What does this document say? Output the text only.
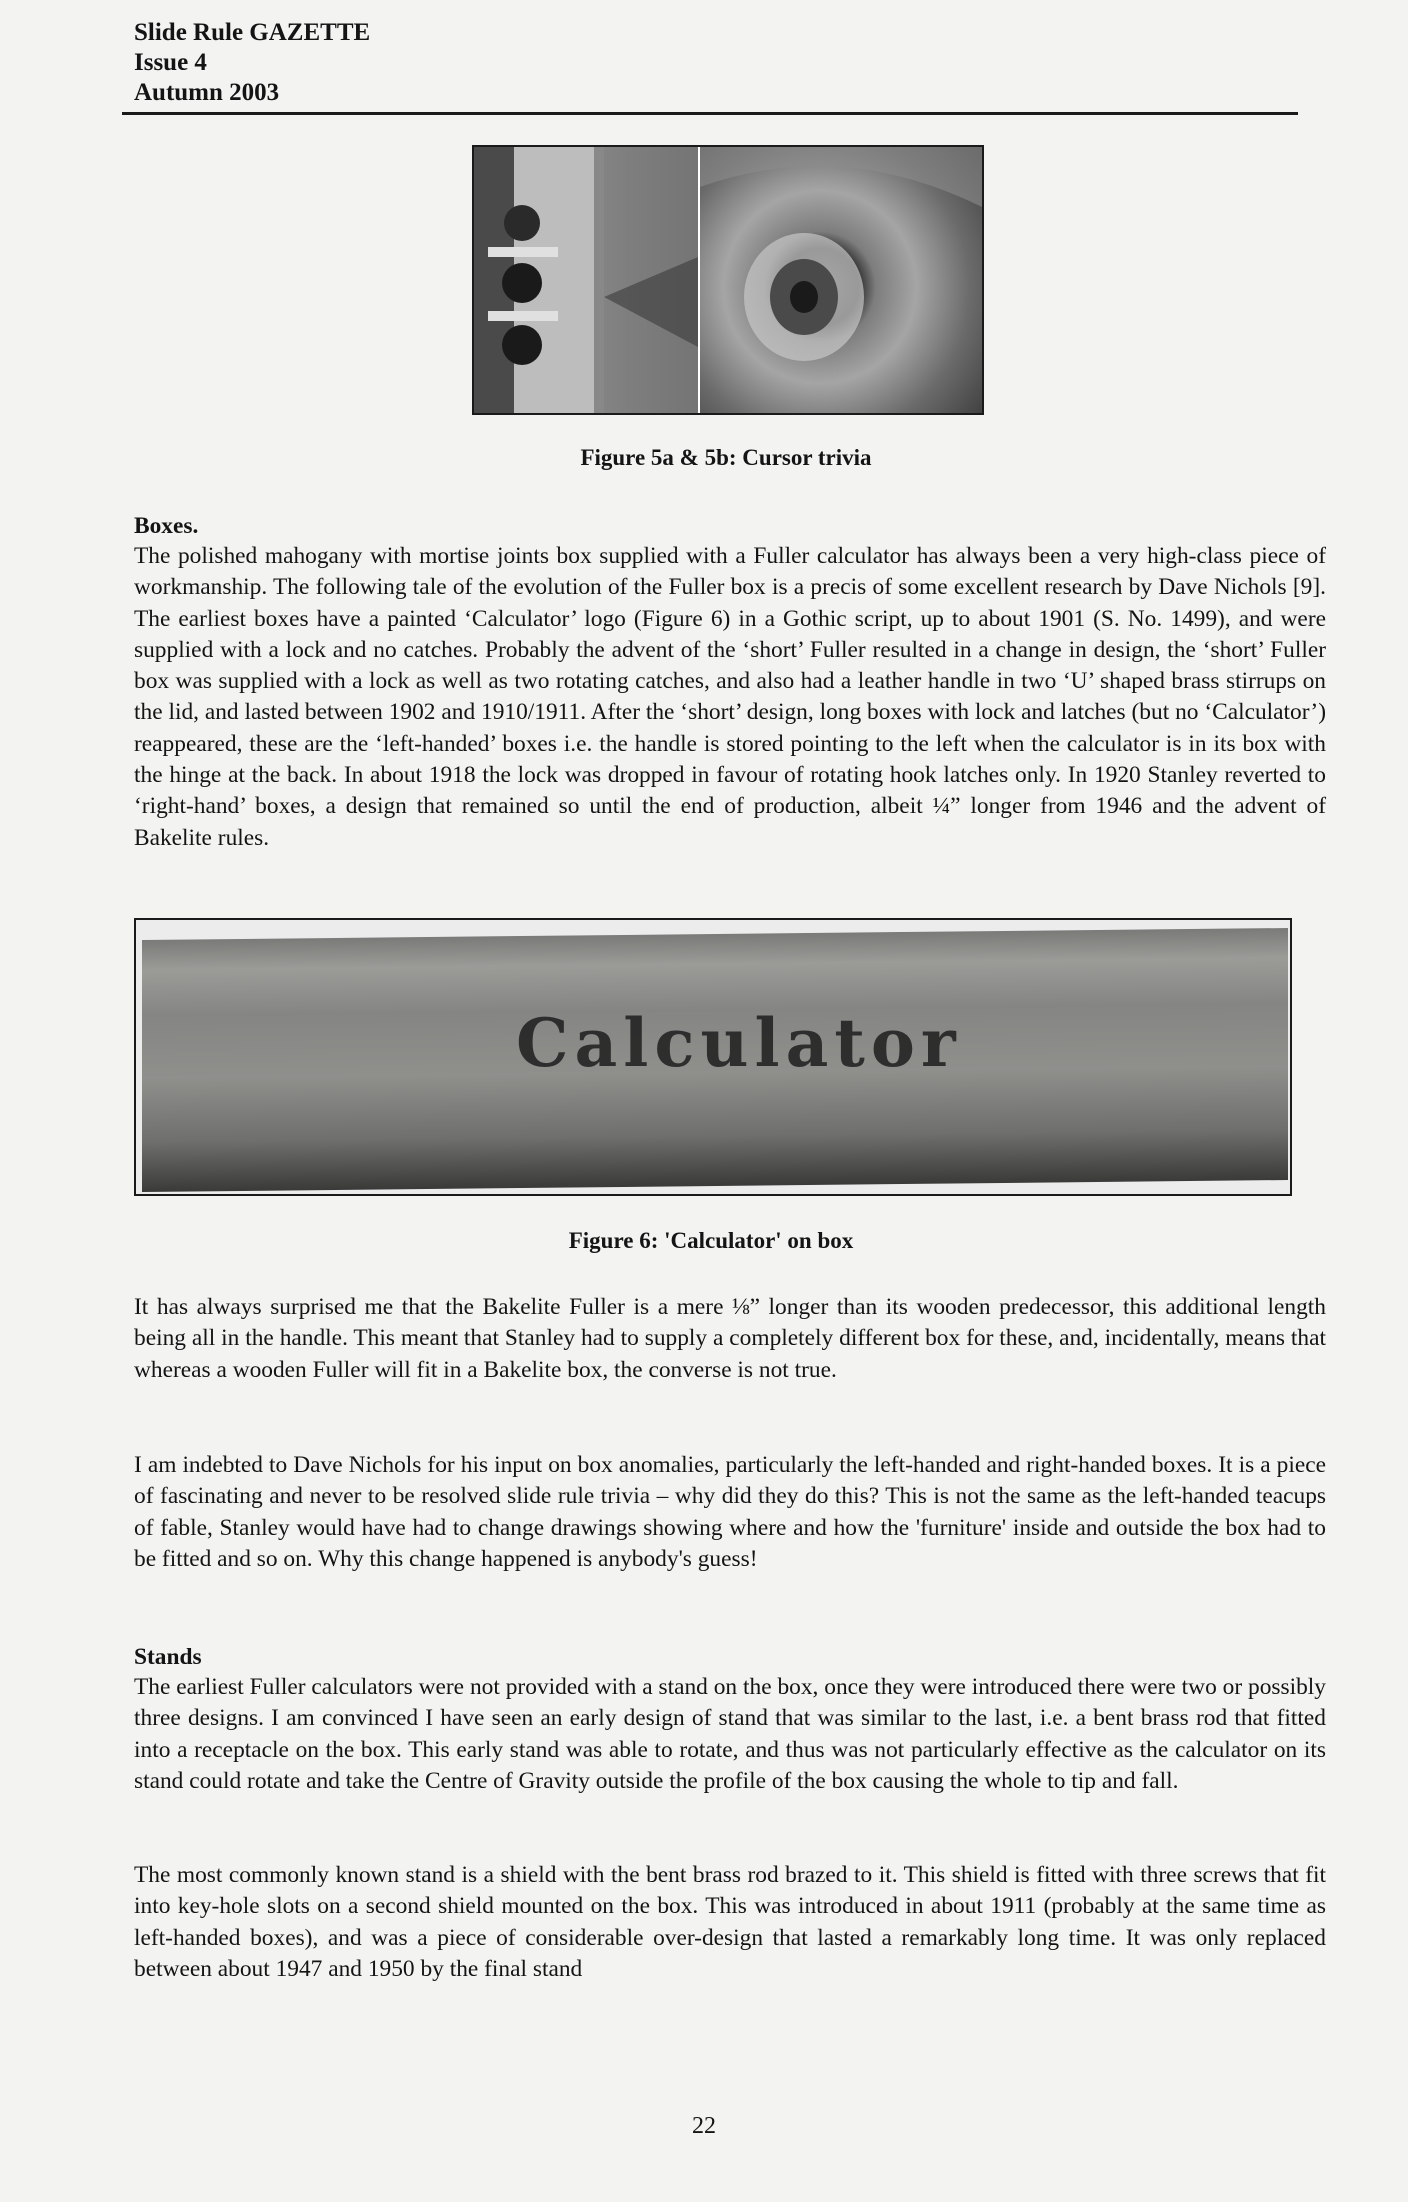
Slide Rule GAZETTE
Issue 4
Autumn 2003
Figure 5a & 5b: Cursor trivia
Boxes.

The polished mahogany with mortise joints box supplied with a Fuller calculator has always been a very high-class piece of workmanship. The following tale of the evolution of the Fuller box is a precis of some excellent research by Dave Nichols [9]. The earliest boxes have a painted ‘Calculator’ logo (Figure 6) in a Gothic script, up to about 1901 (S. No. 1499), and were supplied with a lock and no catches. Probably the advent of the ‘short’ Fuller resulted in a change in design, the ‘short’ Fuller box was supplied with a lock as well as two rotating catches, and also had a leather handle in two ‘U’ shaped brass stirrups on the lid, and lasted between 1902 and 1910/1911. After the ‘short’ design, long boxes with lock and latches (but no ‘Calculator’) reappeared, these are the ‘left-handed’ boxes i.e. the handle is stored pointing to the left when the calculator is in its box with the hinge at the back. In about 1918 the lock was dropped in favour of rotating hook latches only. In 1920 Stanley reverted to ‘right-hand’ boxes, a design that remained so until the end of production, albeit ¼” longer from 1946 and the advent of Bakelite rules.

Calculator
Figure 6: 'Calculator' on box

It has always surprised me that the Bakelite Fuller is a mere ⅛” longer than its wooden predecessor, this additional length being all in the handle. This meant that Stanley had to supply a completely different box for these, and, incidentally, means that whereas a wooden Fuller will fit in a Bakelite box, the converse is not true.

I am indebted to Dave Nichols for his input on box anomalies, particularly the left-handed and right-handed boxes. It is a piece of fascinating and never to be resolved slide rule trivia – why did they do this? This is not the same as the left-handed teacups of fable, Stanley would have had to change drawings showing where and how the 'furniture' inside and outside the box had to be fitted and so on. Why this change happened is anybody's guess!

Stands

The earliest Fuller calculators were not provided with a stand on the box, once they were introduced there were two or possibly three designs. I am convinced I have seen an early design of stand that was similar to the last, i.e. a bent brass rod that fitted into a receptacle on the box. This early stand was able to rotate, and thus was not particularly effective as the calculator on its stand could rotate and take the Centre of Gravity outside the profile of the box causing the whole to tip and fall.

The most commonly known stand is a shield with the bent brass rod brazed to it. This shield is fitted with three screws that fit into key-hole slots on a second shield mounted on the box. This was introduced in about 1911 (probably at the same time as left-handed boxes), and was a piece of considerable over-design that lasted a remarkably long time. It was only replaced between about 1947 and 1950 by the final stand

22
